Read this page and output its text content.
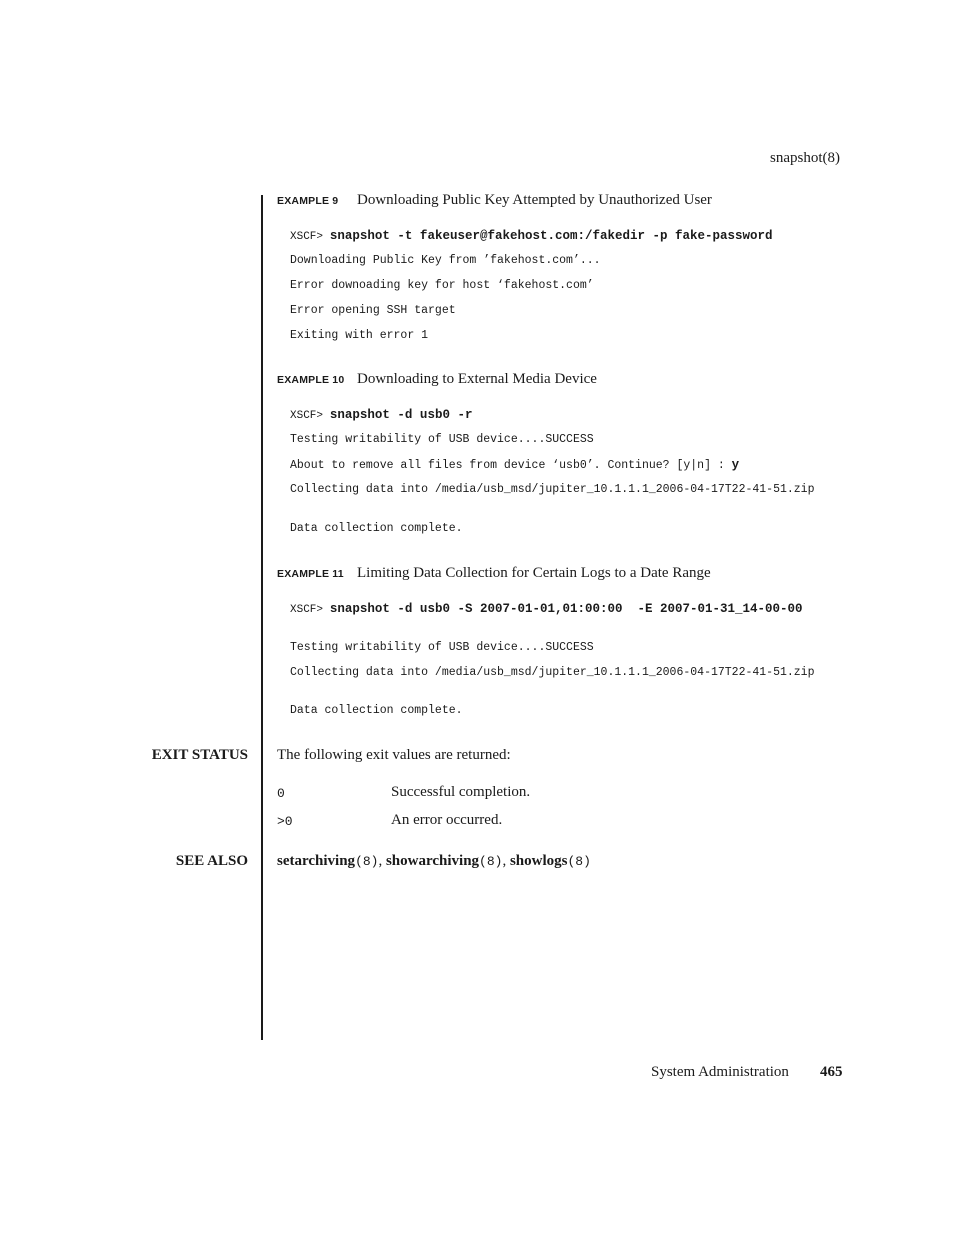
snapshot(8)
EXAMPLE 9 Downloading Public Key Attempted by Unauthorized User
XSCF> snapshot -t fakeuser@fakehost.com:/fakedir -p fake-password
Downloading Public Key from ’fakehost.com’...
Error downoading key for host ‘fakehost.com’
Error opening SSH target
Exiting with error 1
EXAMPLE 10 Downloading to External Media Device
XSCF> snapshot -d usb0 -r
Testing writability of USB device....SUCCESS
About to remove all files from device ‘usb0’. Continue? [y|n] : y
Collecting data into /media/usb_msd/jupiter_10.1.1.1_2006-04-17T22-41-51.zip
Data collection complete.
EXAMPLE 11 Limiting Data Collection for Certain Logs to a Date Range
XSCF> snapshot -d usb0 -S 2007-01-01,01:00:00  -E 2007-01-31_14-00-00
Testing writability of USB device....SUCCESS
Collecting data into /media/usb_msd/jupiter_10.1.1.1_2006-04-17T22-41-51.zip
Data collection complete.
EXIT STATUS The following exit values are returned:
0	Successful completion.
>0	An error occurred.
SEE ALSO setarchiving(8), showarchiving(8), showlogs(8)
System Administration 465
